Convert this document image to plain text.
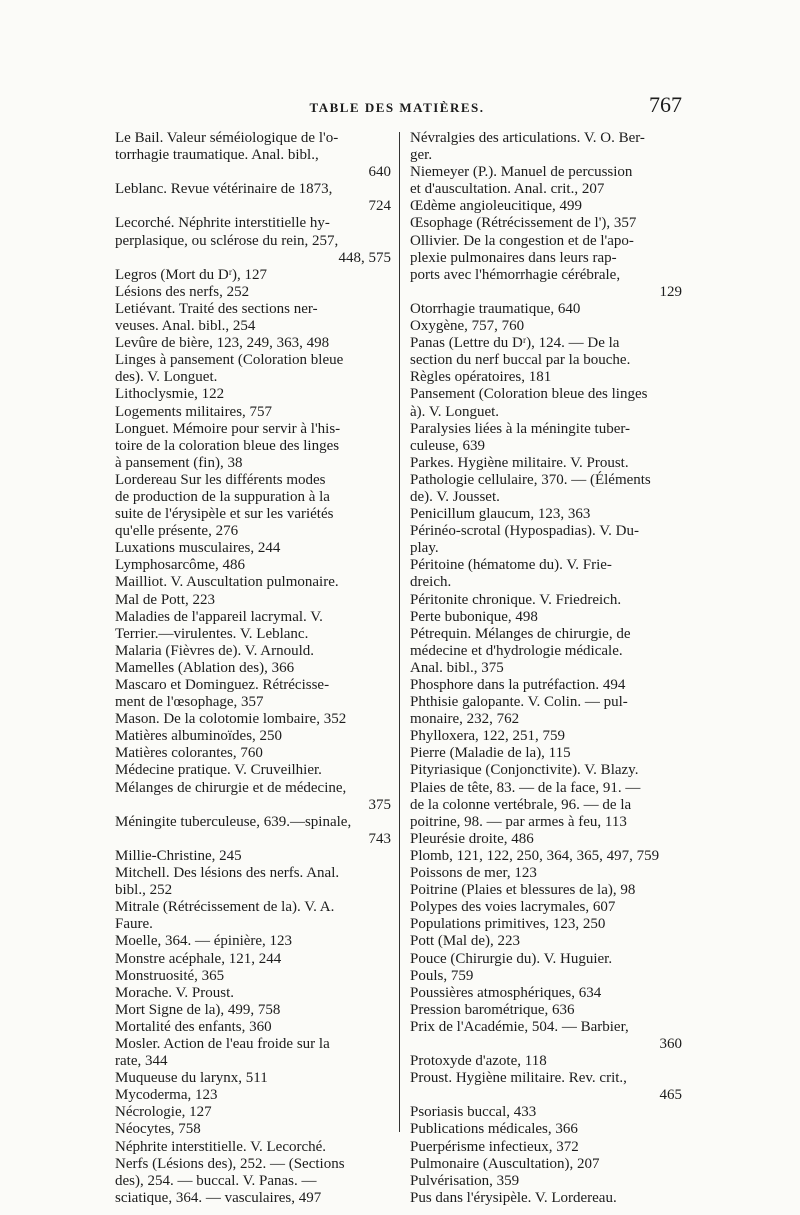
TABLE DES MATIÈRES.	767
Le Bail. Valeur séméiologique de l'o-
torrhagie traumatique. Anal. bibl.,
640
Leblanc. Revue vétérinaire de 1873,
724
Lecorché. Néphrite interstitielle hy-
perplasique, ou sclérose du rein, 257,
448, 575
Legros (Mort du Dʳ), 127
Lésions des nerfs, 252
Letiévant. Traité des sections ner-
veuses. Anal. bibl., 254
Levûre de bière, 123, 249, 363, 498
Linges à pansement (Coloration bleue
des). V. Longuet.
Lithoclysmie, 122
Logements militaires, 757
Longuet. Mémoire pour servir à l'his-
toire de la coloration bleue des linges
à pansement (fin), 38
Lordereau Sur les différents modes
de production de la suppuration à la
suite de l'érysipèle et sur les variétés
qu'elle présente, 276
Luxations musculaires, 244
Lymphosarcôme, 486
Mailliot. V. Auscultation pulmonaire.
Mal de Pott, 223
Maladies de l'appareil lacrymal. V.
Terrier.—virulentes. V. Leblanc.
Malaria (Fièvres de). V. Arnould.
Mamelles (Ablation des), 366
Mascaro et Dominguez. Rétrécisse-
ment de l'œsophage, 357
Mason. De la colotomie lombaire, 352
Matières albuminoïdes, 250
Matières colorantes, 760
Médecine pratique. V. Cruveilhier.
Mélanges de chirurgie et de médecine,
375
Méningite tuberculeuse, 639.—spinale,
743
Millie-Christine, 245
Mitchell. Des lésions des nerfs. Anal.
bibl., 252
Mitrale (Rétrécissement de la). V. A.
Faure.
Moelle, 364. — épinière, 123
Monstre acéphale, 121, 244
Monstruosité, 365
Morache. V. Proust.
Mort Signe de la), 499, 758
Mortalité des enfants, 360
Mosler. Action de l'eau froide sur la
rate, 344
Muqueuse du larynx, 511
Mycoderma, 123
Nécrologie, 127
Néocytes, 758
Néphrite interstitielle. V. Lecorché.
Nerfs (Lésions des), 252. — (Sections
des), 254. — buccal. V. Panas. —
sciatique, 364. — vasculaires, 497
Névralgies des articulations. V. O. Ber-
ger.
Niemeyer (P.). Manuel de percussion
et d'auscultation. Anal. crit., 207
Œdème angioleucitique, 499
Œsophage (Rétrécissement de l'), 357
Ollivier. De la congestion et de l'apo-
plexie pulmonaires dans leurs rap-
ports avec l'hémorrhagie cérébrale,
129
Otorrhagie traumatique, 640
Oxygène, 757, 760
Panas (Lettre du Dʳ), 124. — De la
section du nerf buccal par la bouche.
Règles opératoires, 181
Pansement (Coloration bleue des linges
à). V. Longuet.
Paralysies liées à la méningite tuber-
culeuse, 639
Parkes. Hygiène militaire. V. Proust.
Pathologie cellulaire, 370. — (Éléments
de). V. Jousset.
Penicillum glaucum, 123, 363
Périnéo-scrotal (Hypospadias). V. Du-
play.
Péritoine (hématome du). V. Frie-
dreich.
Péritonite chronique. V. Friedreich.
Perte bubonique, 498
Pétrequin. Mélanges de chirurgie, de
médecine et d'hydrologie médicale.
Anal. bibl., 375
Phosphore dans la putréfaction. 494
Phthisie galopante. V. Colin. — pul-
monaire, 232, 762
Phylloxera, 122, 251, 759
Pierre (Maladie de la), 115
Pityriasique (Conjonctivite). V. Blazy.
Plaies de tête, 83. — de la face, 91. —
de la colonne vertébrale, 96. — de la
poitrine, 98. — par armes à feu, 113
Pleurésie droite, 486
Plomb, 121, 122, 250, 364, 365, 497, 759
Poissons de mer, 123
Poitrine (Plaies et blessures de la), 98
Polypes des voies lacrymales, 607
Populations primitives, 123, 250
Pott (Mal de), 223
Pouce (Chirurgie du). V. Huguier.
Pouls, 759
Poussières atmosphériques, 634
Pression barométrique, 636
Prix de l'Académie, 504. — Barbier,
360
Protoxyde d'azote, 118
Proust. Hygiène militaire. Rev. crit.,
465
Psoriasis buccal, 433
Publications médicales, 366
Puerpérisme infectieux, 372
Pulmonaire (Auscultation), 207
Pulvérisation, 359
Pus dans l'érysipèle. V. Lordereau.
